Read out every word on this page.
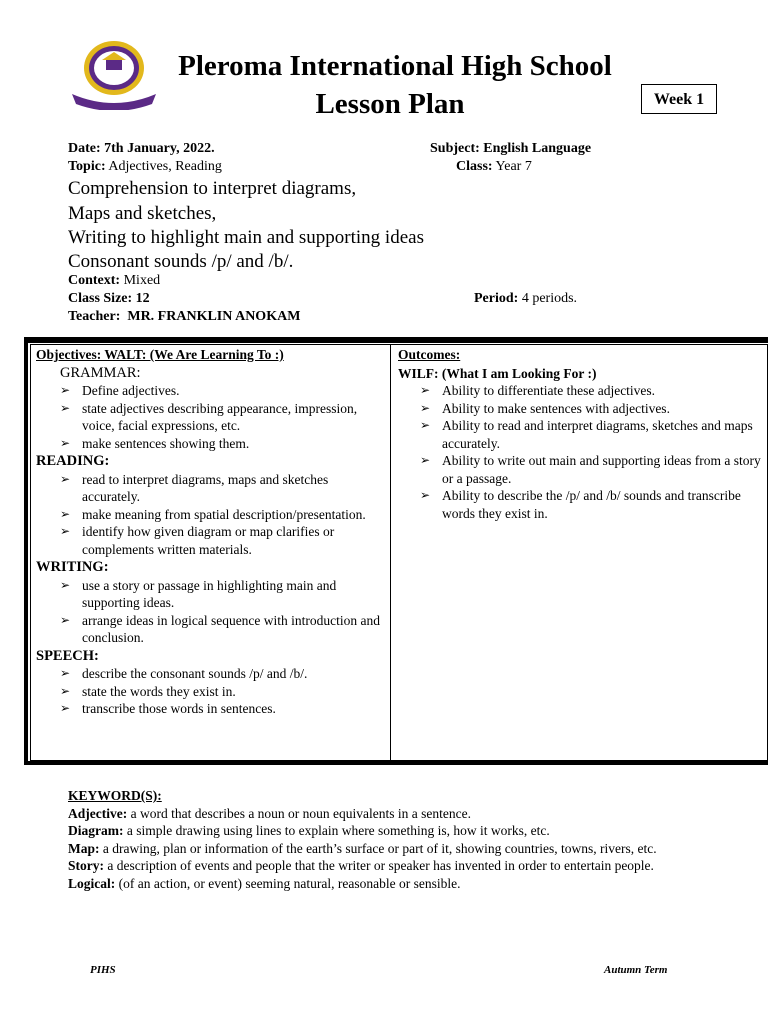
Pleroma International High School
Lesson Plan	Week 1
Date: 7th January, 2022.	Subject: English Language
Topic: Adjectives, Reading	Class: Year 7
Comprehension to interpret diagrams,
Maps and sketches,
Writing to highlight main and supporting ideas
Consonant sounds /p/ and /b/.
Context: Mixed
Class Size: 12	Period: 4 periods.
Teacher: MR. FRANKLIN ANOKAM
Objectives: WALT: (We Are Learning To :)
GRAMMAR:
➢ Define adjectives.
➢ state adjectives describing appearance, impression, voice, facial expressions, etc.
➢ make sentences showing them.
READING:
➢ read to interpret diagrams, maps and sketches accurately.
➢ make meaning from spatial description/presentation.
➢ identify how given diagram or map clarifies or complements written materials.
WRITING:
➢ use a story or passage in highlighting main and supporting ideas.
➢ arrange ideas in logical sequence with introduction and conclusion.
SPEECH:
➢ describe the consonant sounds /p/ and /b/.
➢ state the words they exist in.
➢ transcribe those words in sentences.
Outcomes:
WILF: (What I am Looking For :)
➢ Ability to differentiate these adjectives.
➢ Ability to make sentences with adjectives.
➢ Ability to read and interpret diagrams, sketches and maps accurately.
➢ Ability to write out main and supporting ideas from a story or a passage.
➢ Ability to describe the /p/ and /b/ sounds and transcribe words they exist in.
KEYWORD(S):

Adjective: a word that describes a noun or noun equivalents in a sentence.

Diagram: a simple drawing using lines to explain where something is, how it works, etc.

Map: a drawing, plan or information of the earth’s surface or part of it, showing countries, towns, rivers, etc.

Story: a description of events and people that the writer or speaker has invented in order to entertain people.

Logical: (of an action, or event) seeming natural, reasonable or sensible.

PIHS	Autumn Term
